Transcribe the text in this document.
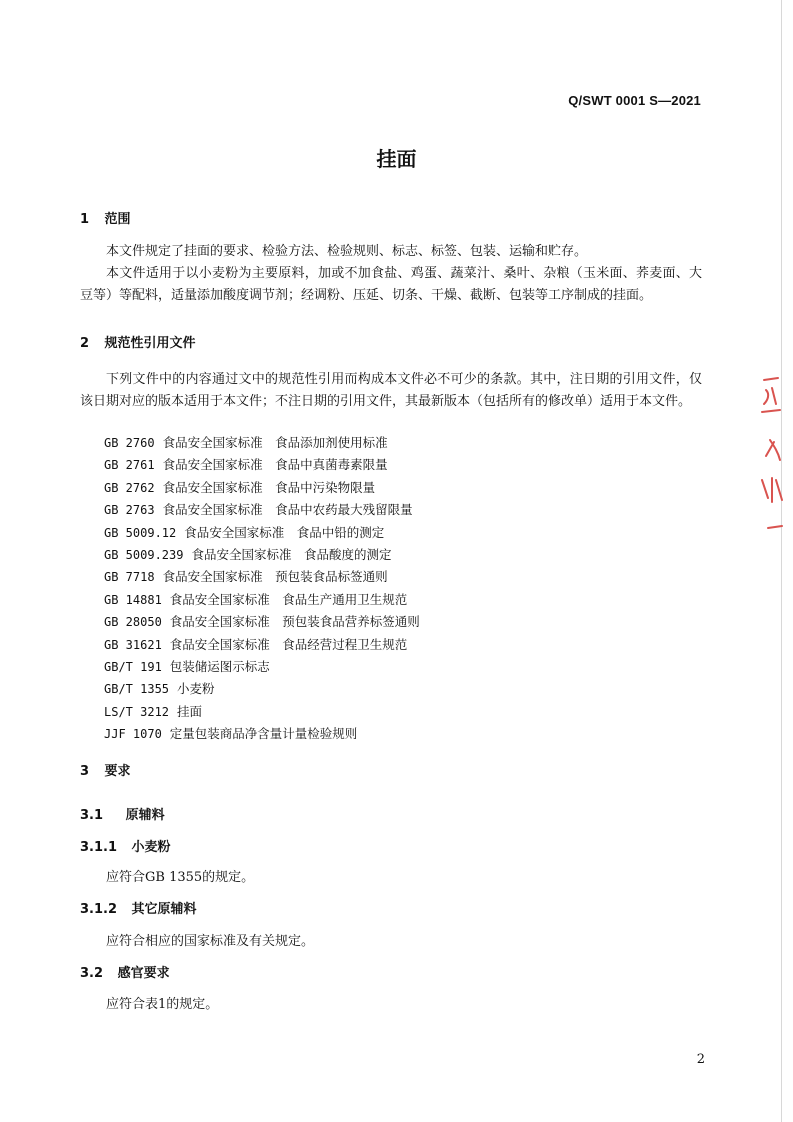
Q/SWT 0001 S—2021
挂面
1 范围
本文件规定了挂面的要求、检验方法、检验规则、标志、标签、包装、运输和贮存。
本文件适用于以小麦粉为主要原料，加或不加食盐、鸡蛋、蔬菜汁、桑叶、杂粮（玉米面、荞麦面、大豆等）等配料，适量添加酸度调节剂；经调粉、压延、切条、干燥、截断、包装等工序制成的挂面。
2 规范性引用文件
下列文件中的内容通过文中的规范性引用而构成本文件必不可少的条款。其中，注日期的引用文件，仅该日期对应的版本适用于本文件；不注日期的引用文件，其最新版本（包括所有的修改单）适用于本文件。
GB 2760 食品安全国家标准　食品添加剂使用标准
GB 2761 食品安全国家标准　食品中真菌毒素限量
GB 2762 食品安全国家标准　食品中污染物限量
GB 2763 食品安全国家标准　食品中农药最大残留限量
GB 5009.12 食品安全国家标准　食品中铅的测定
GB 5009.239 食品安全国家标准　食品酸度的测定
GB 7718 食品安全国家标准　预包装食品标签通则
GB 14881 食品安全国家标准　食品生产通用卫生规范
GB 28050 食品安全国家标准　预包装食品营养标签通则
GB 31621 食品安全国家标准　食品经营过程卫生规范
GB/T 191 包装储运图示标志
GB/T 1355 小麦粉
LS/T 3212 挂面
JJF 1070 定量包装商品净含量计量检验规则
3 要求
3.1 原辅料
3.1.1 小麦粉
应符合GB 1355的规定。
3.1.2 其它原辅料
应符合相应的国家标准及有关规定。
3.2 感官要求
应符合表1的规定。
2
